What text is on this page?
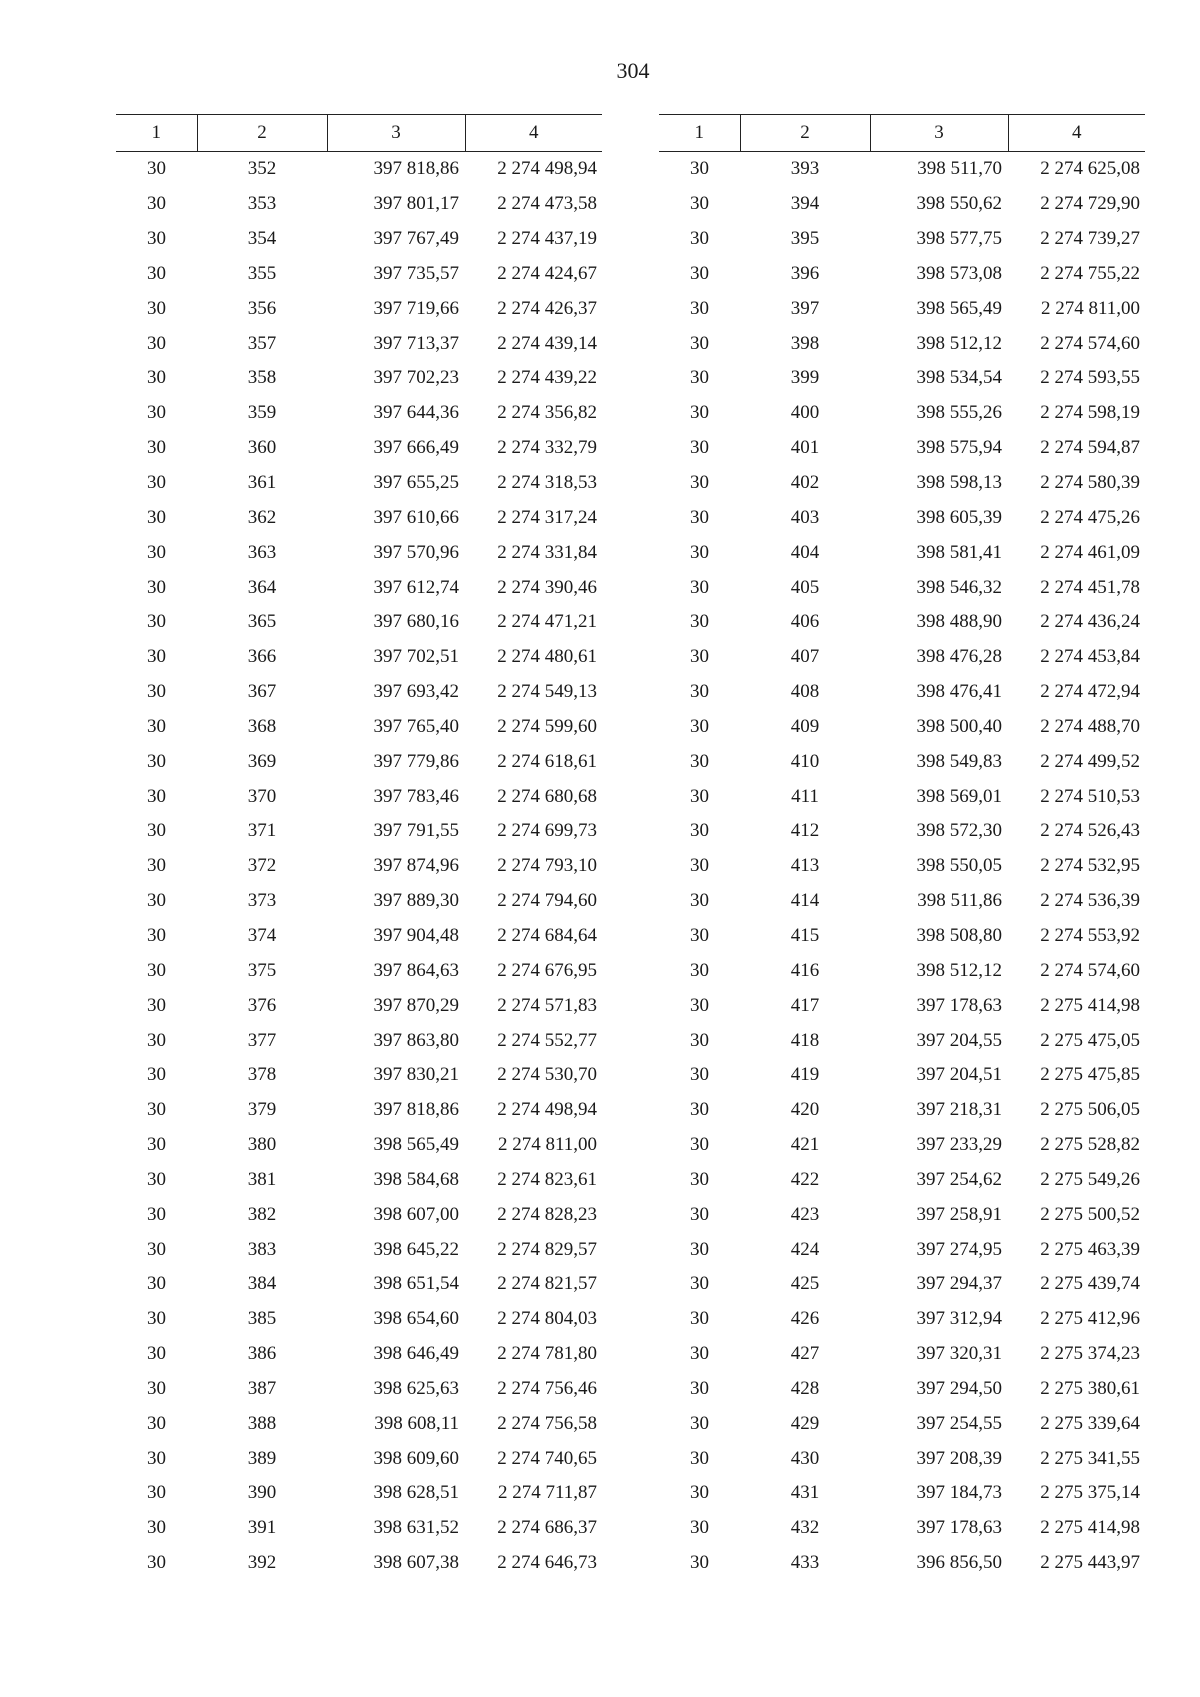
304
1	2	3	4
30	352	397 818,86	2 274 498,94
30	353	397 801,17	2 274 473,58
30	354	397 767,49	2 274 437,19
30	355	397 735,57	2 274 424,67
30	356	397 719,66	2 274 426,37
30	357	397 713,37	2 274 439,14
30	358	397 702,23	2 274 439,22
30	359	397 644,36	2 274 356,82
30	360	397 666,49	2 274 332,79
30	361	397 655,25	2 274 318,53
30	362	397 610,66	2 274 317,24
30	363	397 570,96	2 274 331,84
30	364	397 612,74	2 274 390,46
30	365	397 680,16	2 274 471,21
30	366	397 702,51	2 274 480,61
30	367	397 693,42	2 274 549,13
30	368	397 765,40	2 274 599,60
30	369	397 779,86	2 274 618,61
30	370	397 783,46	2 274 680,68
30	371	397 791,55	2 274 699,73
30	372	397 874,96	2 274 793,10
30	373	397 889,30	2 274 794,60
30	374	397 904,48	2 274 684,64
30	375	397 864,63	2 274 676,95
30	376	397 870,29	2 274 571,83
30	377	397 863,80	2 274 552,77
30	378	397 830,21	2 274 530,70
30	379	397 818,86	2 274 498,94
30	380	398 565,49	2 274 811,00
30	381	398 584,68	2 274 823,61
30	382	398 607,00	2 274 828,23
30	383	398 645,22	2 274 829,57
30	384	398 651,54	2 274 821,57
30	385	398 654,60	2 274 804,03
30	386	398 646,49	2 274 781,80
30	387	398 625,63	2 274 756,46
30	388	398 608,11	2 274 756,58
30	389	398 609,60	2 274 740,65
30	390	398 628,51	2 274 711,87
30	391	398 631,52	2 274 686,37
30	392	398 607,38	2 274 646,73
1	2	3	4
30	393	398 511,70	2 274 625,08
30	394	398 550,62	2 274 729,90
30	395	398 577,75	2 274 739,27
30	396	398 573,08	2 274 755,22
30	397	398 565,49	2 274 811,00
30	398	398 512,12	2 274 574,60
30	399	398 534,54	2 274 593,55
30	400	398 555,26	2 274 598,19
30	401	398 575,94	2 274 594,87
30	402	398 598,13	2 274 580,39
30	403	398 605,39	2 274 475,26
30	404	398 581,41	2 274 461,09
30	405	398 546,32	2 274 451,78
30	406	398 488,90	2 274 436,24
30	407	398 476,28	2 274 453,84
30	408	398 476,41	2 274 472,94
30	409	398 500,40	2 274 488,70
30	410	398 549,83	2 274 499,52
30	411	398 569,01	2 274 510,53
30	412	398 572,30	2 274 526,43
30	413	398 550,05	2 274 532,95
30	414	398 511,86	2 274 536,39
30	415	398 508,80	2 274 553,92
30	416	398 512,12	2 274 574,60
30	417	397 178,63	2 275 414,98
30	418	397 204,55	2 275 475,05
30	419	397 204,51	2 275 475,85
30	420	397 218,31	2 275 506,05
30	421	397 233,29	2 275 528,82
30	422	397 254,62	2 275 549,26
30	423	397 258,91	2 275 500,52
30	424	397 274,95	2 275 463,39
30	425	397 294,37	2 275 439,74
30	426	397 312,94	2 275 412,96
30	427	397 320,31	2 275 374,23
30	428	397 294,50	2 275 380,61
30	429	397 254,55	2 275 339,64
30	430	397 208,39	2 275 341,55
30	431	397 184,73	2 275 375,14
30	432	397 178,63	2 275 414,98
30	433	396 856,50	2 275 443,97
